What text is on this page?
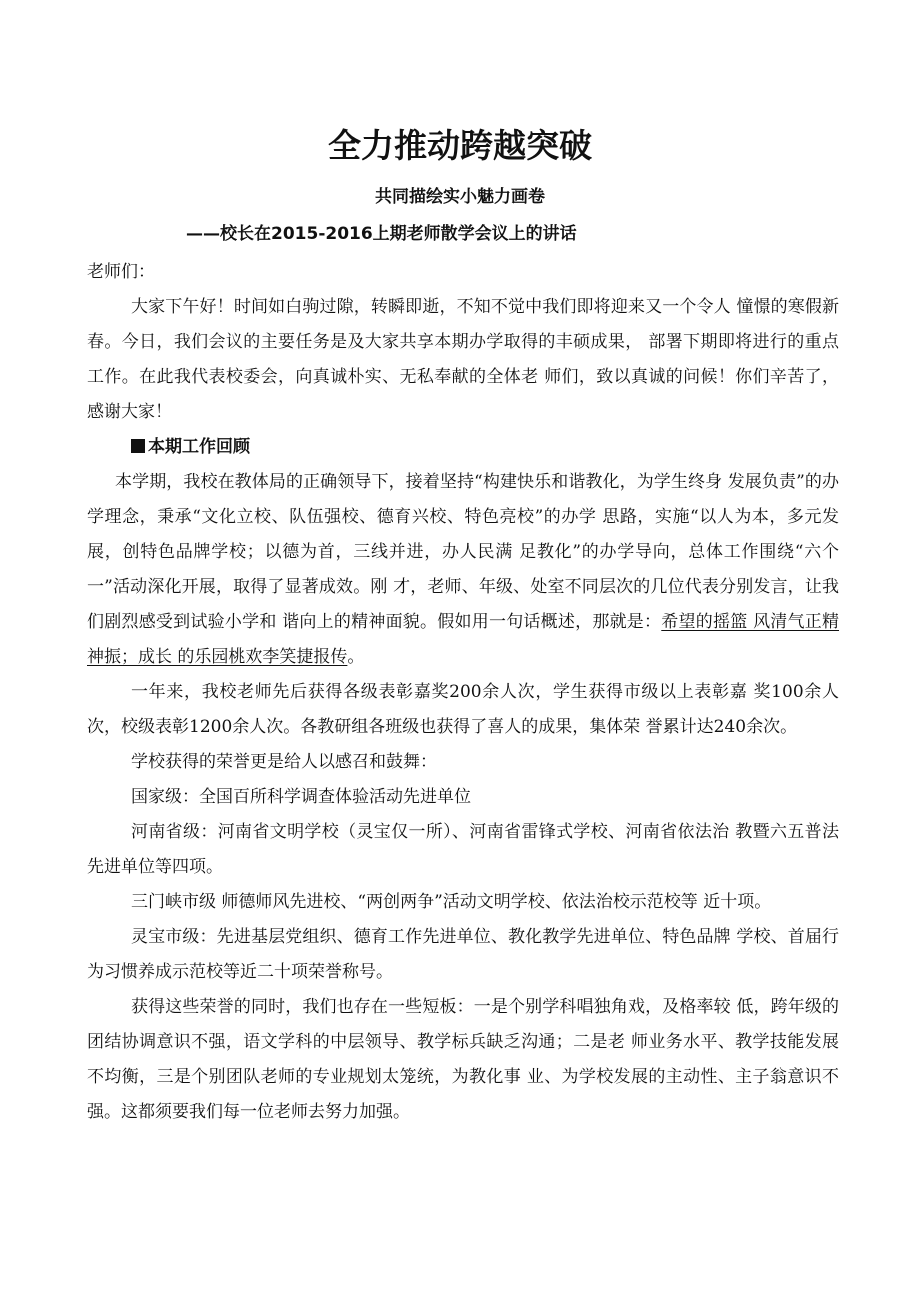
全力推动跨越突破
共同描绘实小魅力画卷
——校长在2015-2016上期老师散学会议上的讲话

老师们：

大家下午好！时间如白驹过隙，转瞬即逝，不知不觉中我们即将迎来又一个令人 憧憬的寒假新春。今日，我们会议的主要任务是及大家共享本期办学取得的丰硕成果， 部署下期即将进行的重点工作。在此我代表校委会，向真诚朴实、无私奉献的全体老 师们，致以真诚的问候！你们辛苦了，感谢大家！

本期工作回顾

本学期，我校在教体局的正确领导下，接着坚持“构建快乐和谐教化，为学生终身 发展负责”的办学理念，秉承“文化立校、队伍强校、德育兴校、特色亮校”的办学 思路，实施“以人为本，多元发展，创特色品牌学校；以德为首，三线并进，办人民满 足教化”的办学导向，总体工作围绕“六个一”活动深化开展，取得了显著成效。刚 才，老师、年级、处室不同层次的几位代表分别发言，让我们剧烈感受到试验小学和 谐向上的精神面貌。假如用一句话概述，那就是：希望的摇篮 风清气正精神振；成长 的乐园桃欢李笑捷报传。

一年来，我校老师先后获得各级表彰嘉奖200余人次，学生获得市级以上表彰嘉 奖100余人次，校级表彰1200余人次。各教研组各班级也获得了喜人的成果，集体荣 誉累计达240余次。

学校获得的荣誉更是给人以感召和鼓舞：

国家级：全国百所科学调查体验活动先进单位

河南省级：河南省文明学校（灵宝仅一所）、河南省雷锋式学校、河南省依法治 教暨六五普法先进单位等四项。

三门峡市级 师德师风先进校、“两创两争”活动文明学校、依法治校示范校等 近十项。

灵宝市级：先进基层党组织、德育工作先进单位、教化教学先进单位、特色品牌 学校、首届行为习惯养成示范校等近二十项荣誉称号。

获得这些荣誉的同时，我们也存在一些短板：一是个别学科唱独角戏，及格率较 低，跨年级的团结协调意识不强，语文学科的中层领导、教学标兵缺乏沟通；二是老 师业务水平、教学技能发展不均衡，三是个别团队老师的专业规划太笼统，为教化事 业、为学校发展的主动性、主子翁意识不强。这都须要我们每一位老师去努力加强。
